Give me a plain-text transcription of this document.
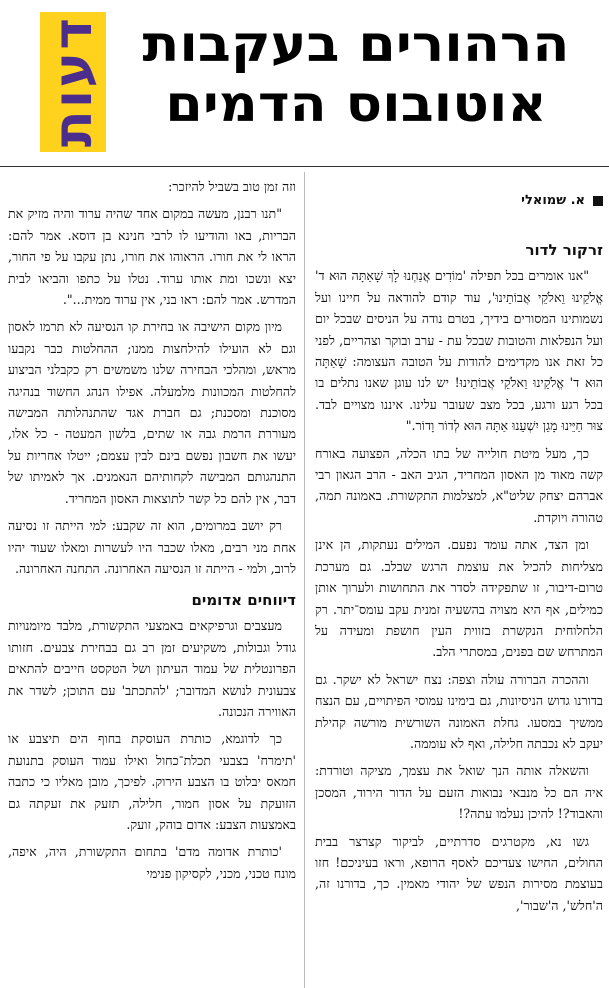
דעות הרהורים בעקבות
אוטובוס הדמים
א. שמואלי
זרקור לדור

"אנו אומרים בכל תפילה 'מוֹדִים אֲנַחְנוּ לָךְ שָׁאַתָּה הוּא ד' אֱלֹקֵינוּ וֵאלֹקֵי אֲבוֹתֵינוּ', עוד קודם להודאה על חיינו ועל נשמותינו המסורים בידיך, בטרם נודה על הניסים שבכל יום ועל הנפלאות והטובות שבכל עת - ערב ובוקר וצהריים, לפני כל זאת אנו מקדימים להודות על הטובה העצומה: שָׁאַתָּה הוּא ד' אֱלֹקֵינוּ וֵאלֹקֵי אֲבוֹתֵינוּ! יש לנו עוגן שאנו נתלים בו בכל רגע ורגע, בכל מצב שעובר עלינו. איננו מצויים לבד. צוּר חַיֵּינוּ מָגֵן יִשְׁעֵנוּ אַתָּה הוּא לְדוֹר וָדוֹר."

כך, מעל מיטת חולייה של בתו הכלה, הפצועה באורח קשה מאוד מן האסון המחריד, הגיב האב - הרב הגאון רבי אברהם יצחק שליט"א, למצלמות התקשורת. באמונה תמה, טהורה ויוקדת.

ומן הצד, אתה עומד נפעם. המילים נעתקות, הן אינן מצליחות להכיל את עוצמת הרגש שבלב. גם מערכת טרום-דיבור, זו שתפקידה לסדר את התחושות ולערוך אותן כמילים, אף היא מצויה בהשעיה זמנית עקב עומס־יתר. רק הלחלוחית הנקשרת בזווית העין חושפת ומעידה על המתרחש שם בפנים, במסתרי הלב.

וההכרה הברורה עולה וצפה: נצח ישראל לא ישקר. גם בדורנו גדוש הניסיונות, גם בימינו עמוסי הפיתויים, עם הנצח ממשיך במסעו. גחלת האמונה השורשית מורשה קהילת יעקב לא נכבתה חלילה, ואף לא עוממה.

והשאלה אותה הנך שואל את עצמך, מציקה וטורדת: איה הם כל מנבאי נבואות הזעם על הדור הירוד, המסכן והאבוד?! להיכן נעלמו עתה?!

גשו נא, מקטרגים סדרתיים, לביקור קצרצר בבית החולים, החישו צעדיכם לאסף הרופא, וראו בעיניכם! חזו בעוצמת מסירות הנפש של יהודי מאמין. כך, בדורנו זה, ה'חלש', ה'שבור',

וזה זמן טוב בשביל להיזכר:

"תנו רבנן, מעשה במקום אחד שהיה ערוד והיה מזיק את הבריות, באו והודיעו לו לרבי חנינא בן דוסא. אמר להם: הראו לי את חורו. הראוהו את חורו, נתן עקבו על פי החור, יצא ונשכו ומת אותו ערוד. נטלו על כתפו והביאו לבית המדרש. אמר להם: ראו בני, אין ערוד ממית...".

מיון מקום הישיבה או בחירת קו הנסיעה לא תרמו לאסון וגם לא הועילו להילחצות ממנו; ההחלטות כבר נקבעו מראש, ומהלכי הבחירה שלנו משמשים רק כקבלני הביצוע להחלטות המכוונות מלמעלה. אפילו הנהג החשוד בנהיגה מסוכנת ומסכנת; גם חברת אגד שהתנהלותה המבישה מעוררת הרמת גבה או שתים, בלשון המעטה - כל אלו, יעשו את חשבון נפשם בינם לבין עצמם; ייטלו אחריות על התנהגותם המבישה לקחותיהם הנאמנים. אך לאמיתו של דבר, אין להם כל קשר לתוצאות האסון המחריד.

רק יושב במרומים, הוא זה שקבע: למי הייתה זו נסיעה אחת מני רבים, מאלו שכבר היו לעשרות ומאלו שעוד יהיו לרוב, ולמי - הייתה זו הנסיעה האחרונה. התחנה האחרונה.

דיווחים אדומים

מעצבים וגרפיקאים באמצעי התקשורת, מלבד מיומנויות גודל וגבולות, משקיעים זמן רב גם בבחירת צבעים. חזותו הפרונטלית של עמוד העיתון ושל הטקסט חייבים להתאים צבעונית לנושא המדובר; 'להתכתב' עם התוכן; לשדר את האווירה הנכונה.

כך לדוגמא, כותרת העוסקת בחוף הים תיצבע או 'תימרח' בצבעי תכלת־כחול ואילו עמוד העוסק בתנועת חמאס יבלוט בו הצבע הירוק. לפיכך, מובן מאליו כי כתבה הזועקת על אסון חמור, חלילה, תזעק את זעקתה גם באמצעות הצבע: אדום בוהק, זועק.

'כותרת אדומה מדם' בתחום התקשורת, היה, איפה, מונח טכני, מכני, לקסיקון פנימי
